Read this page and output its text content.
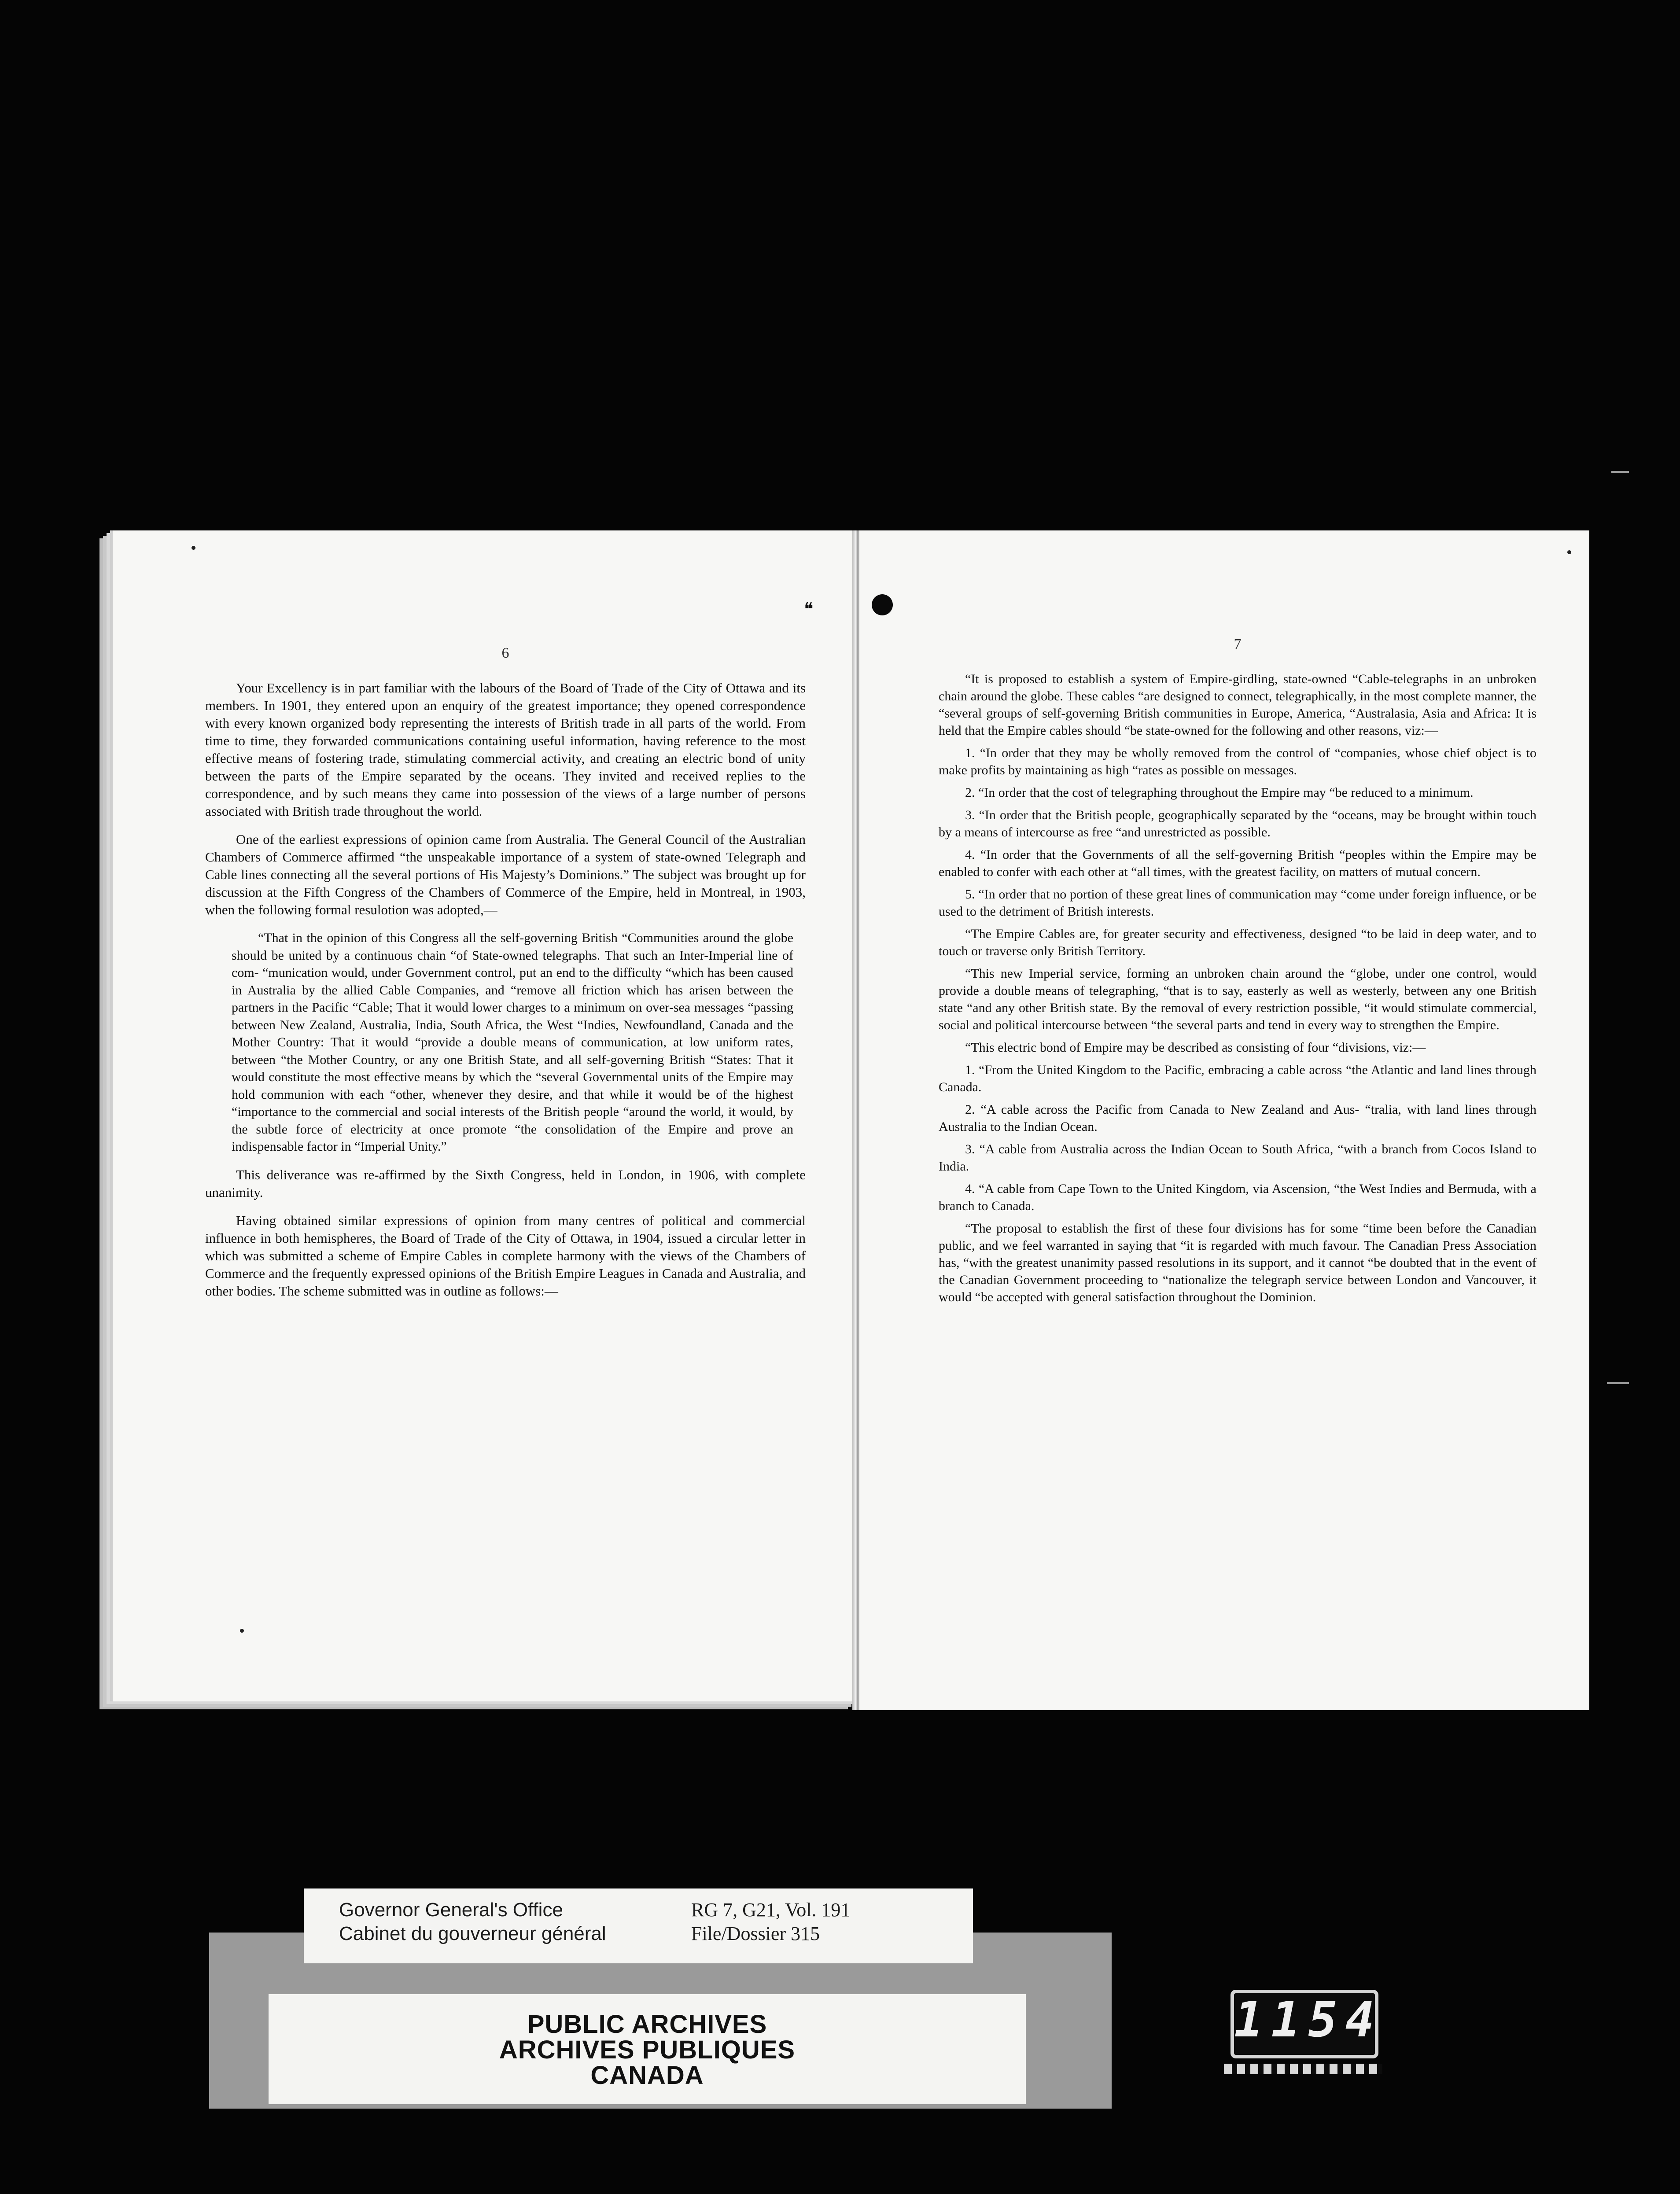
6

Your Excellency is in part familiar with the labours of the Board of Trade of the City of Ottawa and its members. In 1901, they entered upon an enquiry of the greatest importance; they opened correspondence with every known organized body representing the interests of British trade in all parts of the world. From time to time, they forwarded communications containing useful information, having reference to the most effective means of fostering trade, stimulating commercial activity, and creating an electric bond of unity between the parts of the Empire separated by the oceans. They invited and received replies to the correspondence, and by such means they came into possession of the views of a large number of persons associated with British trade throughout the world.

One of the earliest expressions of opinion came from Australia. The General Council of the Australian Chambers of Commerce affirmed “the unspeakable importance of a system of state-owned Telegraph and Cable lines connecting all the several portions of His Majesty’s Dominions.” The subject was brought up for discussion at the Fifth Congress of the Chambers of Commerce of the Empire, held in Montreal, in 1903, when the following formal resulotion was adopted,—

“That in the opinion of this Congress all the self-governing British “Communities around the globe should be united by a continuous chain “of State-owned telegraphs. That such an Inter-Imperial line of com- “munication would, under Government control, put an end to the difficulty “which has been caused in Australia by the allied Cable Companies, and “remove all friction which has arisen between the partners in the Pacific “Cable; That it would lower charges to a minimum on over-sea messages “passing between New Zealand, Australia, India, South Africa, the West “Indies, Newfoundland, Canada and the Mother Country: That it would “provide a double means of communication, at low uniform rates, between “the Mother Country, or any one British State, and all self-governing British “States: That it would constitute the most effective means by which the “several Governmental units of the Empire may hold communion with each “other, whenever they desire, and that while it would be of the highest “importance to the commercial and social interests of the British people “around the world, it would, by the subtle force of electricity at once promote “the consolidation of the Empire and prove an indispensable factor in “Imperial Unity.”

This deliverance was re-affirmed by the Sixth Congress, held in London, in 1906, with complete unanimity.

Having obtained similar expressions of opinion from many centres of political and commercial influence in both hemispheres, the Board of Trade of the City of Ottawa, in 1904, issued a circular letter in which was submitted a scheme of Empire Cables in complete harmony with the views of the Chambers of Commerce and the frequently expressed opinions of the British Empire Leagues in Canada and Australia, and other bodies. The scheme submitted was in outline as follows:—

7

“It is proposed to establish a system of Empire-girdling, state-owned “Cable-telegraphs in an unbroken chain around the globe. These cables “are designed to connect, telegraphically, in the most complete manner, the “several groups of self-governing British communities in Europe, America, “Australasia, Asia and Africa: It is held that the Empire cables should “be state-owned for the following and other reasons, viz:—

1. “In order that they may be wholly removed from the control of “companies, whose chief object is to make profits by maintaining as high “rates as possible on messages.

2. “In order that the cost of telegraphing throughout the Empire may “be reduced to a minimum.

3. “In order that the British people, geographically separated by the “oceans, may be brought within touch by a means of intercourse as free “and unrestricted as possible.

4. “In order that the Governments of all the self-governing British “peoples within the Empire may be enabled to confer with each other at “all times, with the greatest facility, on matters of mutual concern.

5. “In order that no portion of these great lines of communication may “come under foreign influence, or be used to the detriment of British interests.

“The Empire Cables are, for greater security and effectiveness, designed “to be laid in deep water, and to touch or traverse only British Territory.

“This new Imperial service, forming an unbroken chain around the “globe, under one control, would provide a double means of telegraphing, “that is to say, easterly as well as westerly, between any one British state “and any other British state. By the removal of every restriction possible, “it would stimulate commercial, social and political intercourse between “the several parts and tend in every way to strengthen the Empire.

“This electric bond of Empire may be described as consisting of four “divisions, viz:—

1. “From the United Kingdom to the Pacific, embracing a cable across “the Atlantic and land lines through Canada.

2. “A cable across the Pacific from Canada to New Zealand and Aus- “tralia, with land lines through Australia to the Indian Ocean.

3. “A cable from Australia across the Indian Ocean to South Africa, “with a branch from Cocos Island to India.

4. “A cable from Cape Town to the United Kingdom, via Ascension, “the West Indies and Bermuda, with a branch to Canada.

“The proposal to establish the first of these four divisions has for some “time been before the Canadian public, and we feel warranted in saying that “it is regarded with much favour. The Canadian Press Association has, “with the greatest unanimity passed resolutions in its support, and it cannot “be doubted that in the event of the Canadian Government proceeding to “nationalize the telegraph service between London and Vancouver, it would “be accepted with general satisfaction throughout the Dominion.

❝
Governor General's Office	RG 7, G21, Vol. 191
Cabinet du gouverneur général	File/Dossier 315
PUBLIC ARCHIVES
ARCHIVES PUBLIQUES
CANADA
1154
